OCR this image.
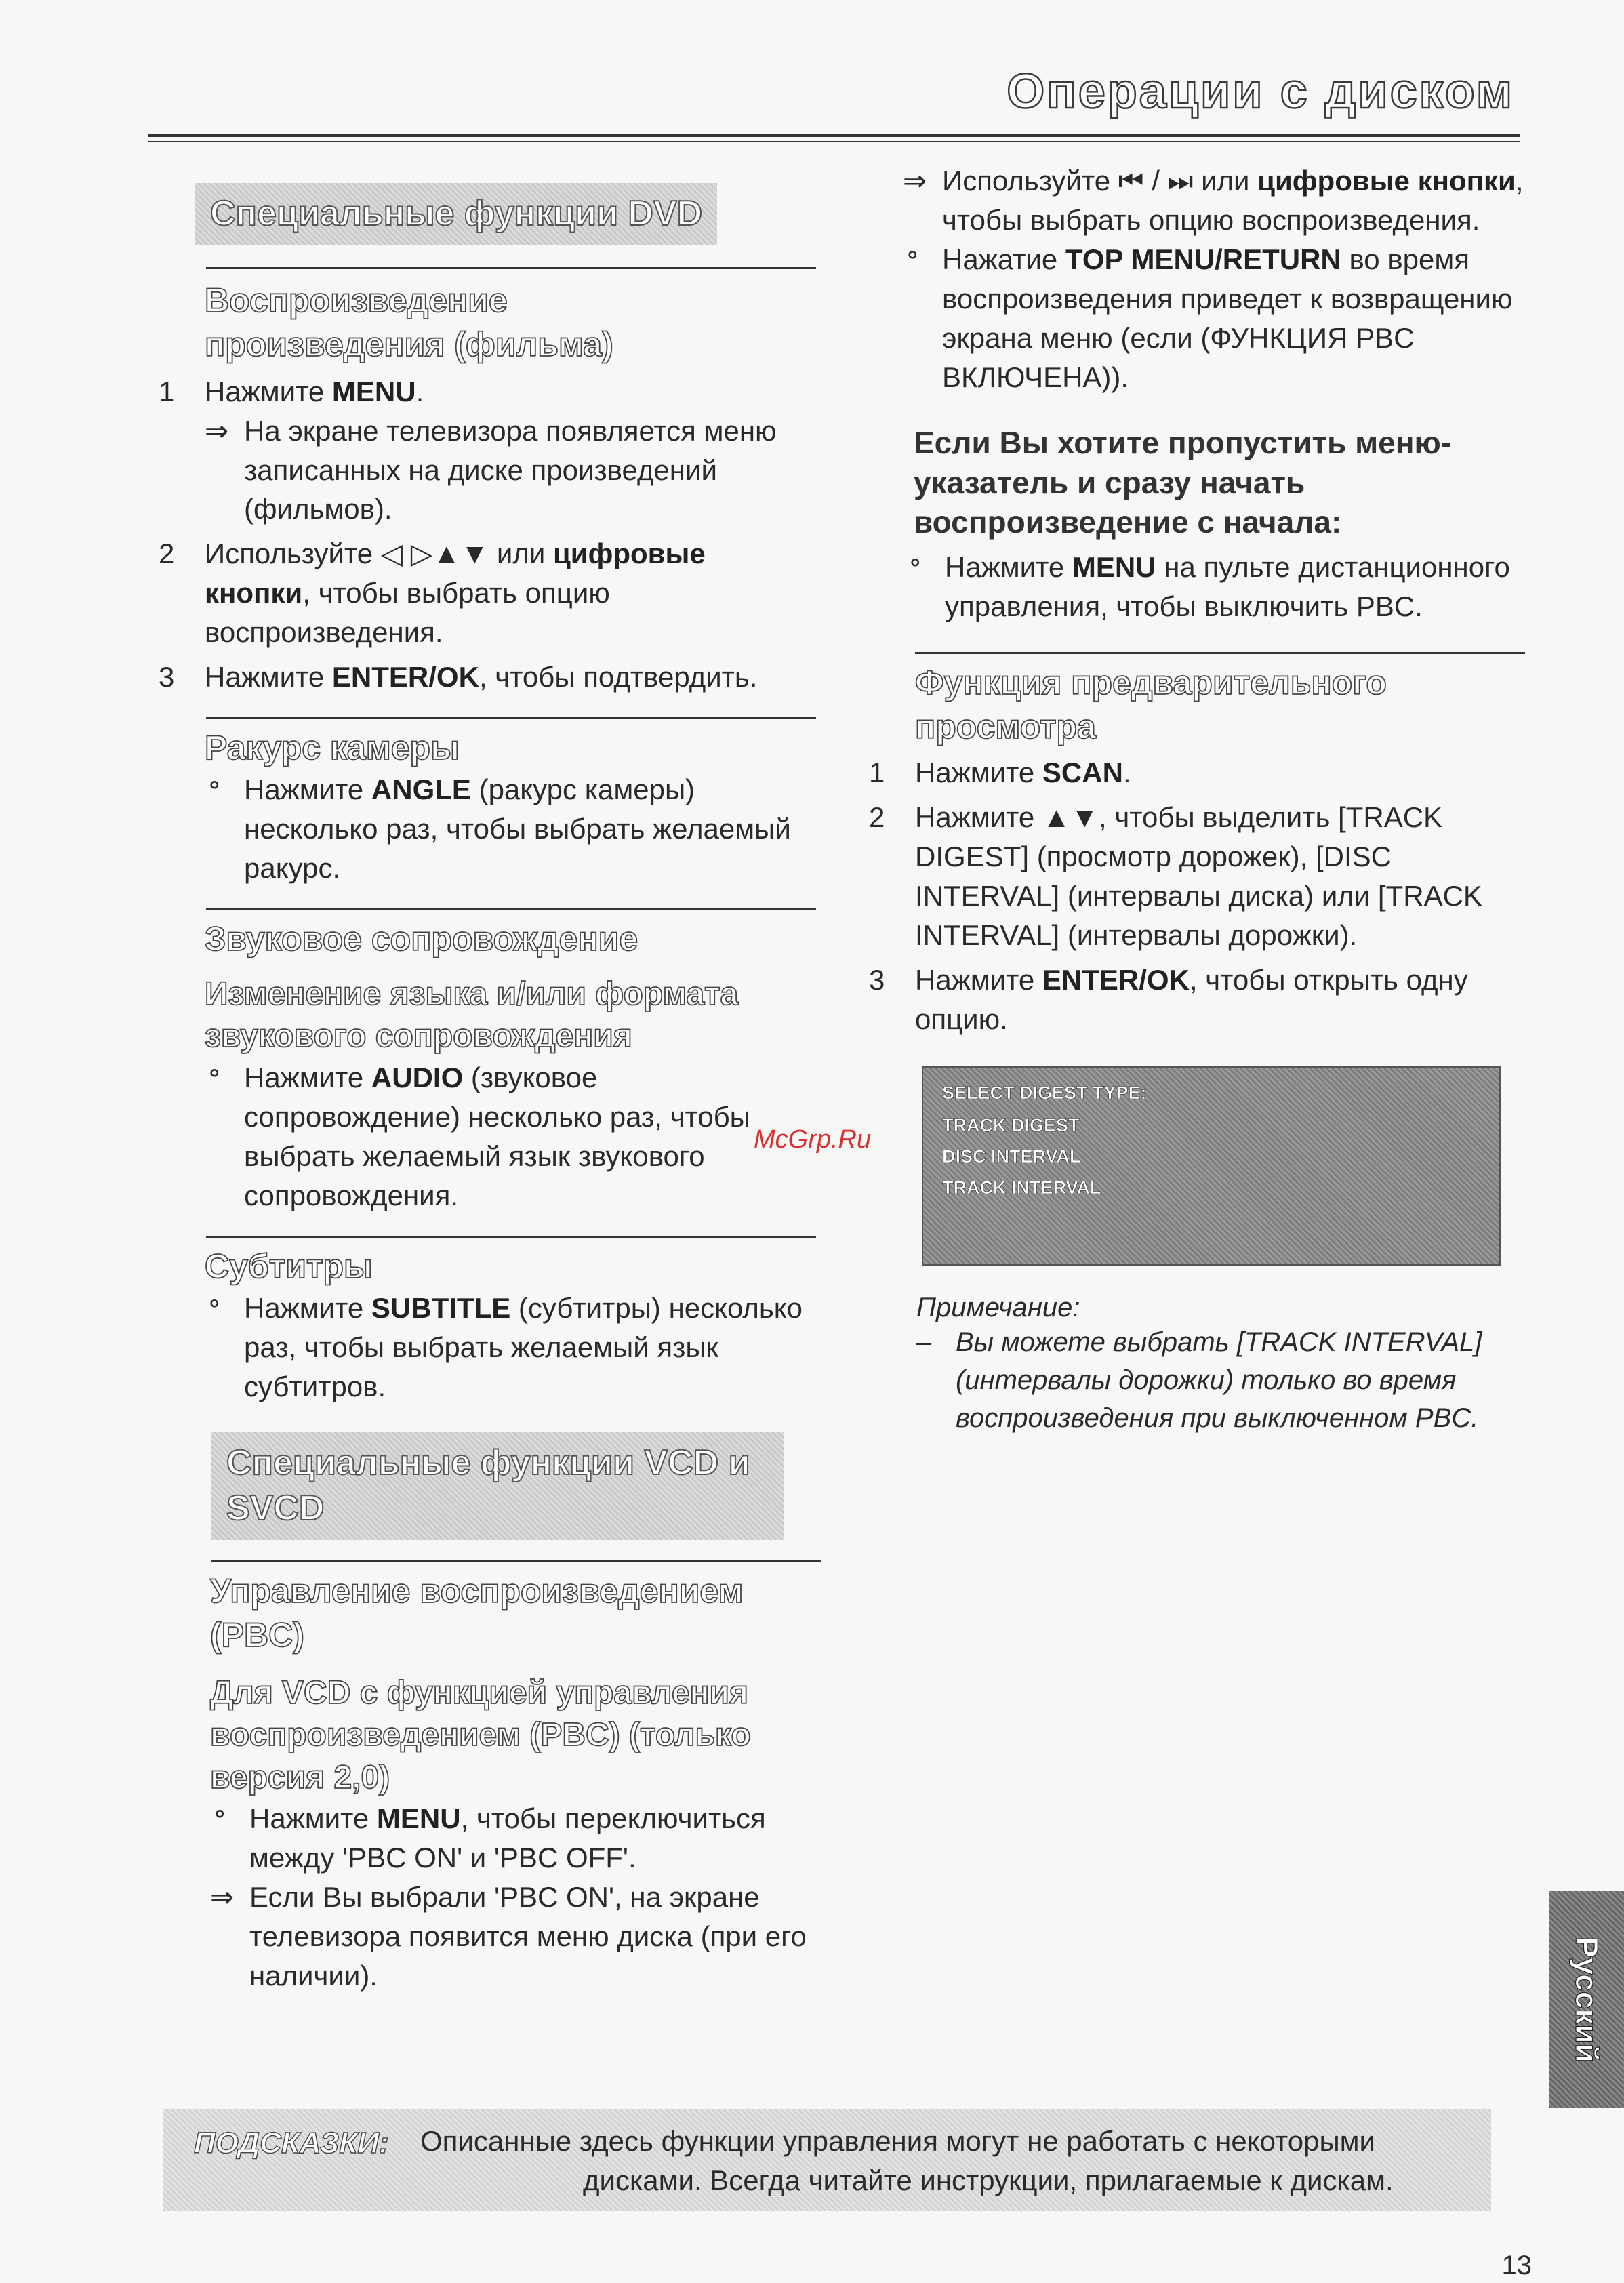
Операции с диском
Специальные функции DVD
Воспроизведение
произведения (фильма)
1 Нажмите MENU.
⇒ На экране телевизора появляется меню записанных на диске произведений (фильмов).
2 Используйте ◁ ▷▲▼ или цифровые кнопки, чтобы выбрать опцию воспроизведения.
3 Нажмите ENTER/OK, чтобы подтвердить.
Ракурс камеры
⚬ Нажмите ANGLE (ракурс камеры) несколько раз, чтобы выбрать желаемый ракурс.
Звуковое сопровождение
Изменение языка и/или формата
звукового сопровождения
⚬ Нажмите AUDIO (звуковое сопровождение) несколько раз, чтобы выбрать желаемый язык звукового сопровождения.
Субтитры
⚬ Нажмите SUBTITLE (субтитры) несколько раз, чтобы выбрать желаемый язык субтитров.
Специальные функции VCD и
SVCD
Управление воспроизведением
(PBC)
Для VCD с функцией управления
воспроизведением (PBC) (только
версия 2,0)
⚬ Нажмите MENU, чтобы переключиться между 'PBC ON' и 'PBC OFF'.
⇒ Если Вы выбрали 'PBC ON', на экране телевизора появится меню диска (при его наличии).
McGrp.Ru
⇒ Используйте ⏮ / ⏭ или цифровые кнопки, чтобы выбрать опцию воспроизведения.
⚬ Нажатие TOP MENU/RETURN во время воспроизведения приведет к возвращению экрана меню (если (ФУНКЦИЯ PBC ВКЛЮЧЕНА)).
Если Вы хотите пропустить меню-
указатель и сразу начать
воспроизведение с начала:
⚬ Нажмите MENU на пульте дистанционного управления, чтобы выключить PBC.
Функция предварительного
просмотра
1 Нажмите SCAN.
2 Нажмите ▲▼, чтобы выделить [TRACK DIGEST] (просмотр дорожек), [DISC INTERVAL] (интервалы диска) или [TRACK INTERVAL] (интервалы дорожки).
3 Нажмите ENTER/OK, чтобы открыть одну опцию.
SELECT DIGEST TYPE:
TRACK DIGEST
DISC INTERVAL
TRACK INTERVAL
Примечание:
– Вы можете выбрать [TRACK INTERVAL] (интервалы дорожки) только во время воспроизведения при выключенном PBC.
Русский
ПОДСКАЗКИ: Описанные здесь функции управления могут не работать с некоторыми
дисками. Всегда читайте инструкции, прилагаемые к дискам.
13
